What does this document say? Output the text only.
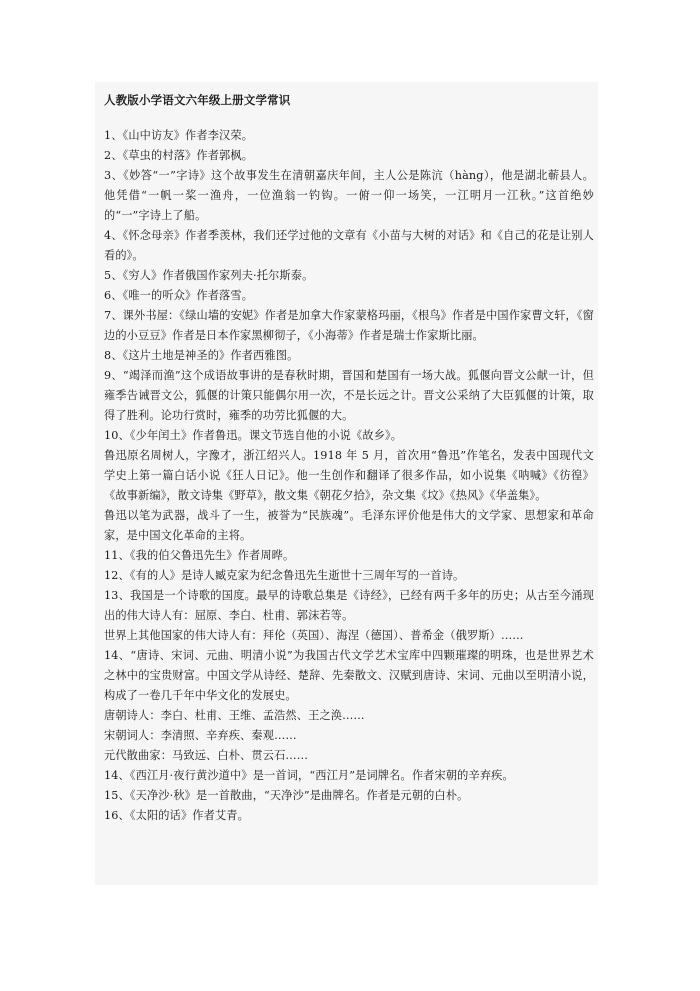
人教版小学语文六年级上册文学常识

1、《山中访友》作者李汉荣。

2、《草虫的村落》作者郭枫。

3、《妙答“一”字诗》这个故事发生在清朝嘉庆年间，主人公是陈沆（hàng），他是湖北蕲县人。他凭借“一帆一桨一渔舟，一位渔翁一钓钩。一俯一仰一场笑，一江明月一江秋。”这首绝妙的“一”字诗上了船。

4、《怀念母亲》作者季羡林，我们还学过他的文章有《小苗与大树的对话》和《自己的花是让别人看的》。

5、《穷人》作者俄国作家列夫·托尔斯泰。

6、《唯一的听众》作者落雪。

7、课外书屋：《绿山墙的安妮》作者是加拿大作家蒙格玛丽，《根鸟》作者是中国作家曹文轩，《窗边的小豆豆》作者是日本作家黑柳彻子，《小海蒂》作者是瑞士作家斯比丽。

8、《这片土地是神圣的》作者西雅图。

9、“竭泽而渔”这个成语故事讲的是春秋时期，晋国和楚国有一场大战。狐偃向晋文公献一计，但雍季告诫晋文公，狐偃的计策只能偶尔用一次，不是长远之计。晋文公采纳了大臣狐偃的计策，取得了胜利。论功行赏时，雍季的功劳比狐偃的大。

10、《少年闰土》作者鲁迅。课文节选自他的小说《故乡》。

鲁迅原名周树人，字豫才，浙江绍兴人。1918 年 5 月，首次用“鲁迅”作笔名，发表中国现代文学史上第一篇白话小说《狂人日记》。他一生创作和翻译了很多作品，如小说集《呐喊》《彷徨》《故事新编》，散文诗集《野草》，散文集《朝花夕拾》，杂文集《坟》《热风》《华盖集》。

鲁迅以笔为武器，战斗了一生，被誉为“民族魂”。毛泽东评价他是伟大的文学家、思想家和革命家，是中国文化革命的主将。

11、《我的伯父鲁迅先生》作者周晔。

12、《有的人》是诗人臧克家为纪念鲁迅先生逝世十三周年写的一首诗。

13、我国是一个诗歌的国度。最早的诗歌总集是《诗经》，已经有两千多年的历史；从古至今涌现出的伟大诗人有：屈原、李白、杜甫、郭沫若等。

世界上其他国家的伟大诗人有：拜伦（英国）、海涅（德国）、普希金（俄罗斯）……

14、“唐诗、宋词、元曲、明清小说”为我国古代文学艺术宝库中四颗璀璨的明珠，也是世界艺术之林中的宝贵财富。中国文学从诗经、楚辞、先秦散文、汉赋到唐诗、宋词、元曲以至明清小说，构成了一卷几千年中华文化的发展史。

唐朝诗人：李白、杜甫、王维、孟浩然、王之涣……

宋朝词人：李清照、辛弃疾、秦观……

元代散曲家：马致远、白朴、贯云石……

14、《西江月·夜行黄沙道中》是一首词，“西江月”是词牌名。作者宋朝的辛弃疾。

15、《天净沙·秋》是一首散曲，“天净沙”是曲牌名。作者是元朝的白朴。

16、《太阳的话》作者艾青。
